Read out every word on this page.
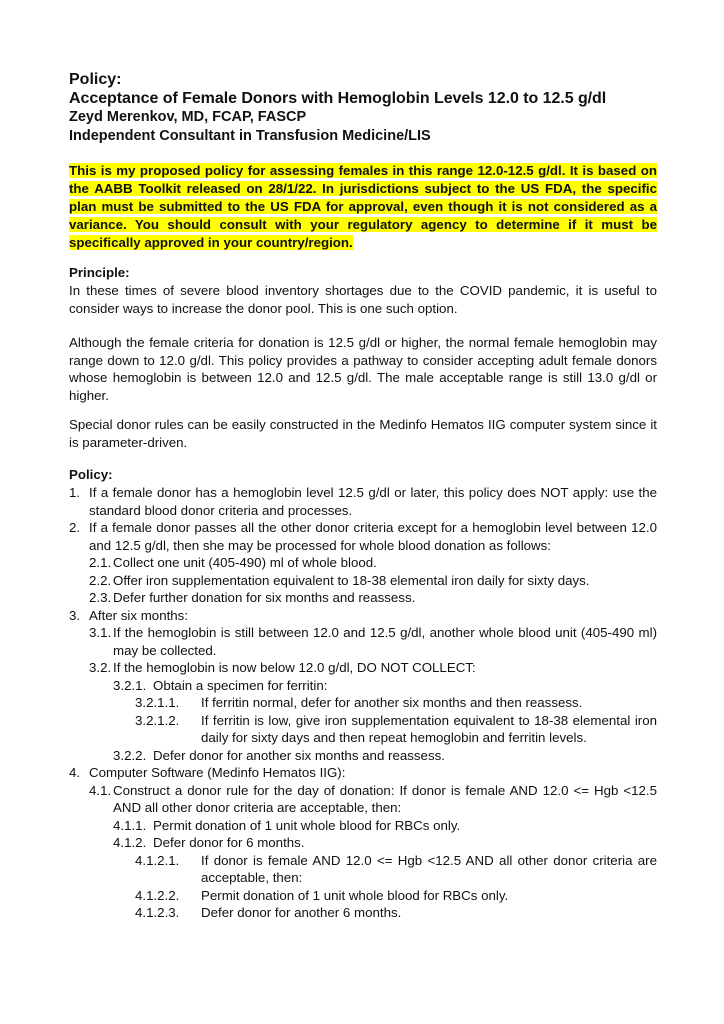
Policy:
Acceptance of Female Donors with Hemoglobin Levels 12.0 to 12.5 g/dl
Zeyd Merenkov, MD, FCAP, FASCP
Independent Consultant in Transfusion Medicine/LIS
This is my proposed policy for assessing females in this range 12.0-12.5 g/dl. It is based on the AABB Toolkit released on 28/1/22. In jurisdictions subject to the US FDA, the specific plan must be submitted to the US FDA for approval, even though it is not considered as a variance. You should consult with your regulatory agency to determine if it must be specifically approved in your country/region.
Principle:

In these times of severe blood inventory shortages due to the COVID pandemic, it is useful to consider ways to increase the donor pool. This is one such option.

Although the female criteria for donation is 12.5 g/dl or higher, the normal female hemoglobin may range down to 12.0 g/dl. This policy provides a pathway to consider accepting adult female donors whose hemoglobin is between 12.0 and 12.5 g/dl. The male acceptable range is still 13.0 g/dl or higher.

Special donor rules can be easily constructed in the Medinfo Hematos IIG computer system since it is parameter-driven.

Policy:
1. If a female donor has a hemoglobin level 12.5 g/dl or later, this policy does NOT apply: use the standard blood donor criteria and processes.
2. If a female donor passes all the other donor criteria except for a hemoglobin level between 12.0 and 12.5 g/dl, then she may be processed for whole blood donation as follows:
2.1. Collect one unit (405-490) ml of whole blood.
2.2. Offer iron supplementation equivalent to 18-38 elemental iron daily for sixty days.
2.3. Defer further donation for six months and reassess.
3. After six months:
3.1. If the hemoglobin is still between 12.0 and 12.5 g/dl, another whole blood unit (405-490 ml) may be collected.
3.2. If the hemoglobin is now below 12.0 g/dl, DO NOT COLLECT:
3.2.1. Obtain a specimen for ferritin:
3.2.1.1. If ferritin normal, defer for another six months and then reassess.
3.2.1.2. If ferritin is low, give iron supplementation equivalent to 18-38 elemental iron daily for sixty days and then repeat hemoglobin and ferritin levels.
3.2.2. Defer donor for another six months and reassess.
4. Computer Software (Medinfo Hematos IIG):
4.1. Construct a donor rule for the day of donation: If donor is female AND 12.0 <= Hgb <12.5 AND all other donor criteria are acceptable, then:
4.1.1. Permit donation of 1 unit whole blood for RBCs only.
4.1.2. Defer donor for 6 months.
4.1.2.1. If donor is female AND 12.0 <= Hgb <12.5 AND all other donor criteria are acceptable, then:
4.1.2.2. Permit donation of 1 unit whole blood for RBCs only.
4.1.2.3. Defer donor for another 6 months.
